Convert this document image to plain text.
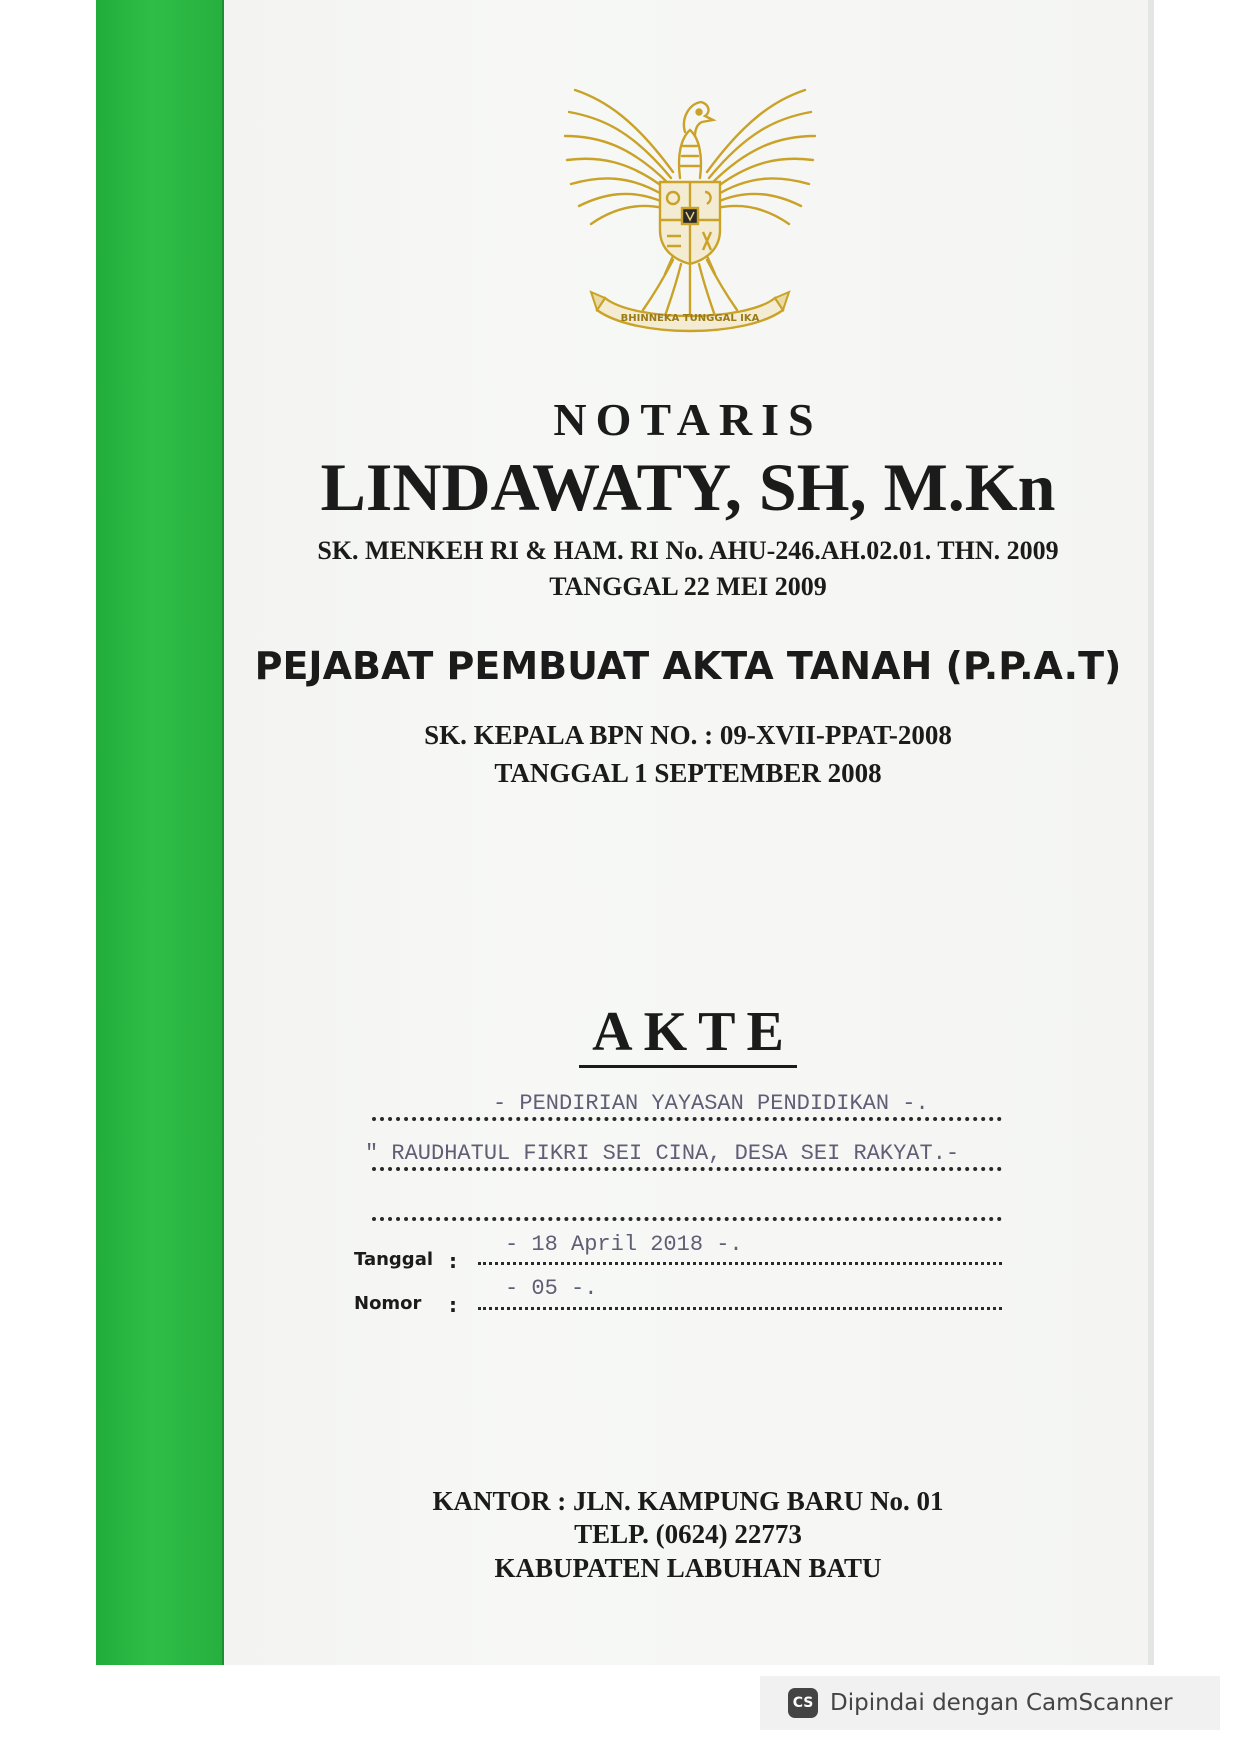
BHINNEKA TUNGGAL IKA
NOTARIS
LINDAWATY, SH, M.Kn
SK. MENKEH RI & HAM. RI No. AHU-246.AH.02.01. THN. 2009
TANGGAL 22 MEI 2009
PEJABAT PEMBUAT AKTA TANAH (P.P.A.T)
SK. KEPALA BPN NO. : 09-XVII-PPAT-2008
TANGGAL 1 SEPTEMBER 2008
AKTE
- PENDIRIAN YAYASAN PENDIDIKAN -.
" RAUDHATUL FIKRI SEI CINA, DESA SEI RAKYAT.-
Tanggal :
- 18 April 2018 -.
Nomor :
- 05 -.
KANTOR : JLN. KAMPUNG BARU No. 01
TELP. (0624) 22773
KABUPATEN LABUHAN BATU
CS Dipindai dengan CamScanner
